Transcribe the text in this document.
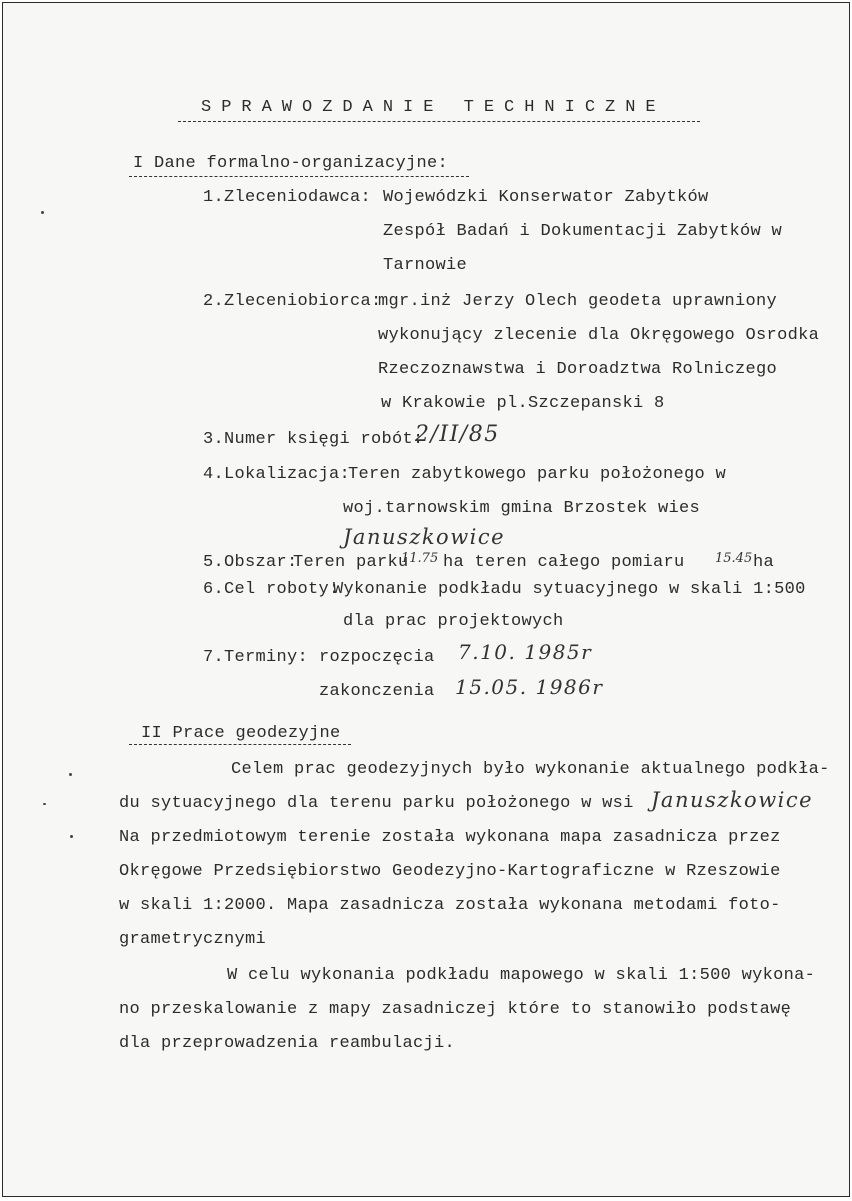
SPRAWOZDANIE TECHNICZNE
I Dane formalno-organizacyjne:
1.Zleceniodawca: Wojewódzki Konserwator Zabytków
Zespół Badań i Dokumentacji Zabytków w
Tarnowie
2.Zleceniobiorca:
mgr.inż Jerzy Olech geodeta uprawniony
wykonujący zlecenie dla Okręgowego Osrodka
Rzeczoznawstwa i Doroadztwa Rolniczego
w Krakowie pl.Szczepanski 8
3.Numer księgi robót:
2/II/85
4.Lokalizacja:
Teren zabytkowego parku położonego w
woj.tarnowskim gmina Brzostek wies
Januszkowice
5.Obszar:
Teren parku
11.75 ha teren całego pomiaru 15.45 ha
6.Cel roboty:
Wykonanie podkładu sytuacyjnego w skali 1:500
dla prac projektowych
7.Terminy: rozpoczęcia 7.10. 1985r
zakonczenia 15.05. 1986r
II Prace geodezyjne
Celem prac geodezyjnych było wykonanie aktualnego podkła-
du sytuacyjnego dla terenu parku położonego w wsi Januszkowice
Na przedmiotowym terenie została wykonana mapa zasadnicza przez
Okręgowe Przedsiębiorstwo Geodezyjno-Kartograficzne w Rzeszowie
w skali 1:2000. Mapa zasadnicza została wykonana metodami foto-
grametrycznymi
W celu wykonania podkładu mapowego w skali 1:500 wykona-
no przeskalowanie z mapy zasadniczej które to stanowiło podstawę
dla przeprowadzenia reambulacji.
